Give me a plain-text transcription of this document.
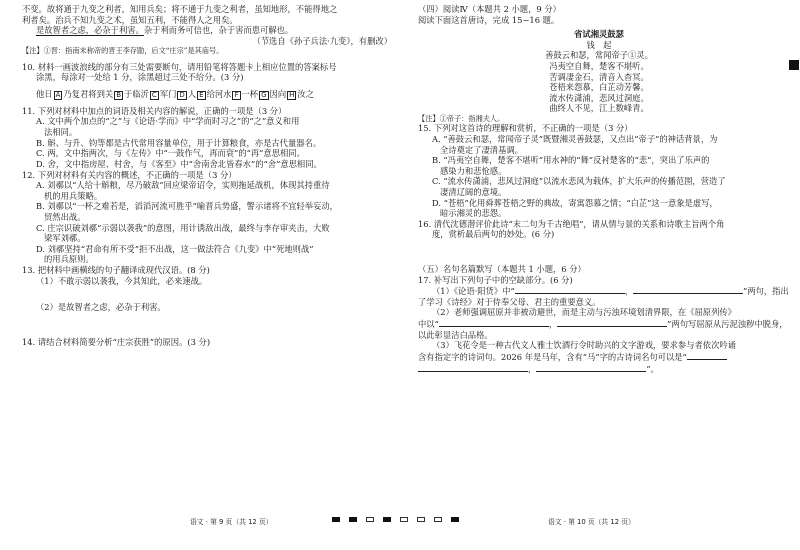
不变。故将通于九变之利者，知用兵矣；将不通于九变之利者，虽知地形，不能得地之

利者矣。治兵不知九变之术，虽知五利，不能得人之用矣。

是故智者之虑，必杂于利害。杂于利而务可信也，杂于害而患可解也。

（节选自《孙子兵法·九变》，有删改）

【注】①晋：指南末称帝的晋王李存勖，后文“庄宗”是其庙号。

10. 材料一画波浪线的部分有三处需要断句，请用铅笔将答题卡上相应位置的答案标号

涂黑，每涂对一处给 1 分，涂黑超过三处不给分。(3 分)

他日 A 乃复君将到关 B 于临沂 C 军门 D 人 E 给河水 F 一杯 G 因向 H 汝之

11. 下列对材料中加点的词语及相关内容的解说，正确的一项是（3 分）

A. 文中两个加点的“之”与《论语·学而》中“学而时习之”的“之”意义和用

法相同。

B. 斛、与升、钧等都是古代常用容量单位，用于计算粮食，亦是古代量器名。

C. 两，文中指两次，与《左传》中“一鼓作气，再而衰”的“再”意思相同。

D. 舍，文中指房屋、村舍，与《客至》中“舍南舍北皆春水”的“舍”意思相同。

12. 下列对材料有关内容的概述，不正确的一项是（3 分）

A. 刘鄩以“人给十斛粮，尽乃破敌”回应梁帝诏令，实则拖延战机，体现其持重待

机的用兵策略。

B. 刘鄩以“一杯之难若是，滔滔河流可胜乎”喻晋兵势盛，警示诸将不宜轻举妄动，

贸然出战。

C. 庄宗识破刘鄩“示弱以袭我”的意图，用计诱敌出战，最终与李存审夹击，大败

梁军刘鄩。

D. 刘鄩坚持“君命有所不受”拒不出战，这一做法符合《九变》中“死地则战”

的用兵原则。

13. 把材料中画横线的句子翻译成现代汉语。(8 分)

（1）不敢示弱以袭我，今其知此，必来速战。

（2）是故智者之虑，必杂于利害。

14. 请结合材料简要分析“庄宗获胜”的原因。(3 分)

（四）阅读Ⅳ（本题共 2 小题，9 分）

阅读下面这首唐诗，完成 15~16 题。

省试湘灵鼓瑟

钱　起

善鼓云和瑟，常闻帝子①灵。

冯夷空自舞，楚客不堪听。

苦调凄金石，清音入杳冥。

苍梧来怨慕，白芷动芳馨。

流水传潇浦，悲风过洞庭。

曲终人不见，江上数峰青。

【注】①帝子：指湘夫人。

15. 下列对这首诗的理解和赏析，不正确的一项是（3 分）

A. “善鼓云和瑟，常闻帝子灵”既暨湘灵善鼓瑟，又点出“帝子”的神话背景，为

全诗奠定了凄清基调。

B. “冯夷空自舞，楚客不堪听”用水神的“舞”反衬楚客的“悲”，突出了乐声的

感染力和悲怆感。

C. “流水传潇浦，悲风过洞庭”以流水悲风为载体，扩大乐声的传播范围，营造了

凄清辽阔的意境。

D. “苍梧”化用舜葬苍梧之野的典故，寄寓怨慕之情；“白芷”这一意象是虚写，

暗示湘灵的悲怨。

16. 清代沈德潜评价此诗“末二句为千古绝唱”，请从情与景的关系和诗歌主旨两个角

度，赏析最后两句的妙处。(6 分)

（五）名句名篇默写（本题共 1 小题，6 分）

17. 补写出下列句子中的空缺部分。(6 分)

（1）《论语·阳货》中“	，	”两句，指出

了学习《诗经》对于侍奉父母、君主的重要意义。

（2）老师强调屈原并非被动避世，而是主动与污浊环境划清界限，在《屈原列传》

中以“	，	”两句写屈原从污泥浊秽中脱身，

以此彰显洁白品格。

（3）飞花令是一种古代文人雅士饮酒行令时助兴的文字游戏，要求参与者依次吟诵

含有指定字的诗词句。2026 年是马年，含有“马”字的古诗词名句可以是“

，	”。

语文 · 第 9 页（共 12 页）	语文 · 第 10 页（共 12 页）
